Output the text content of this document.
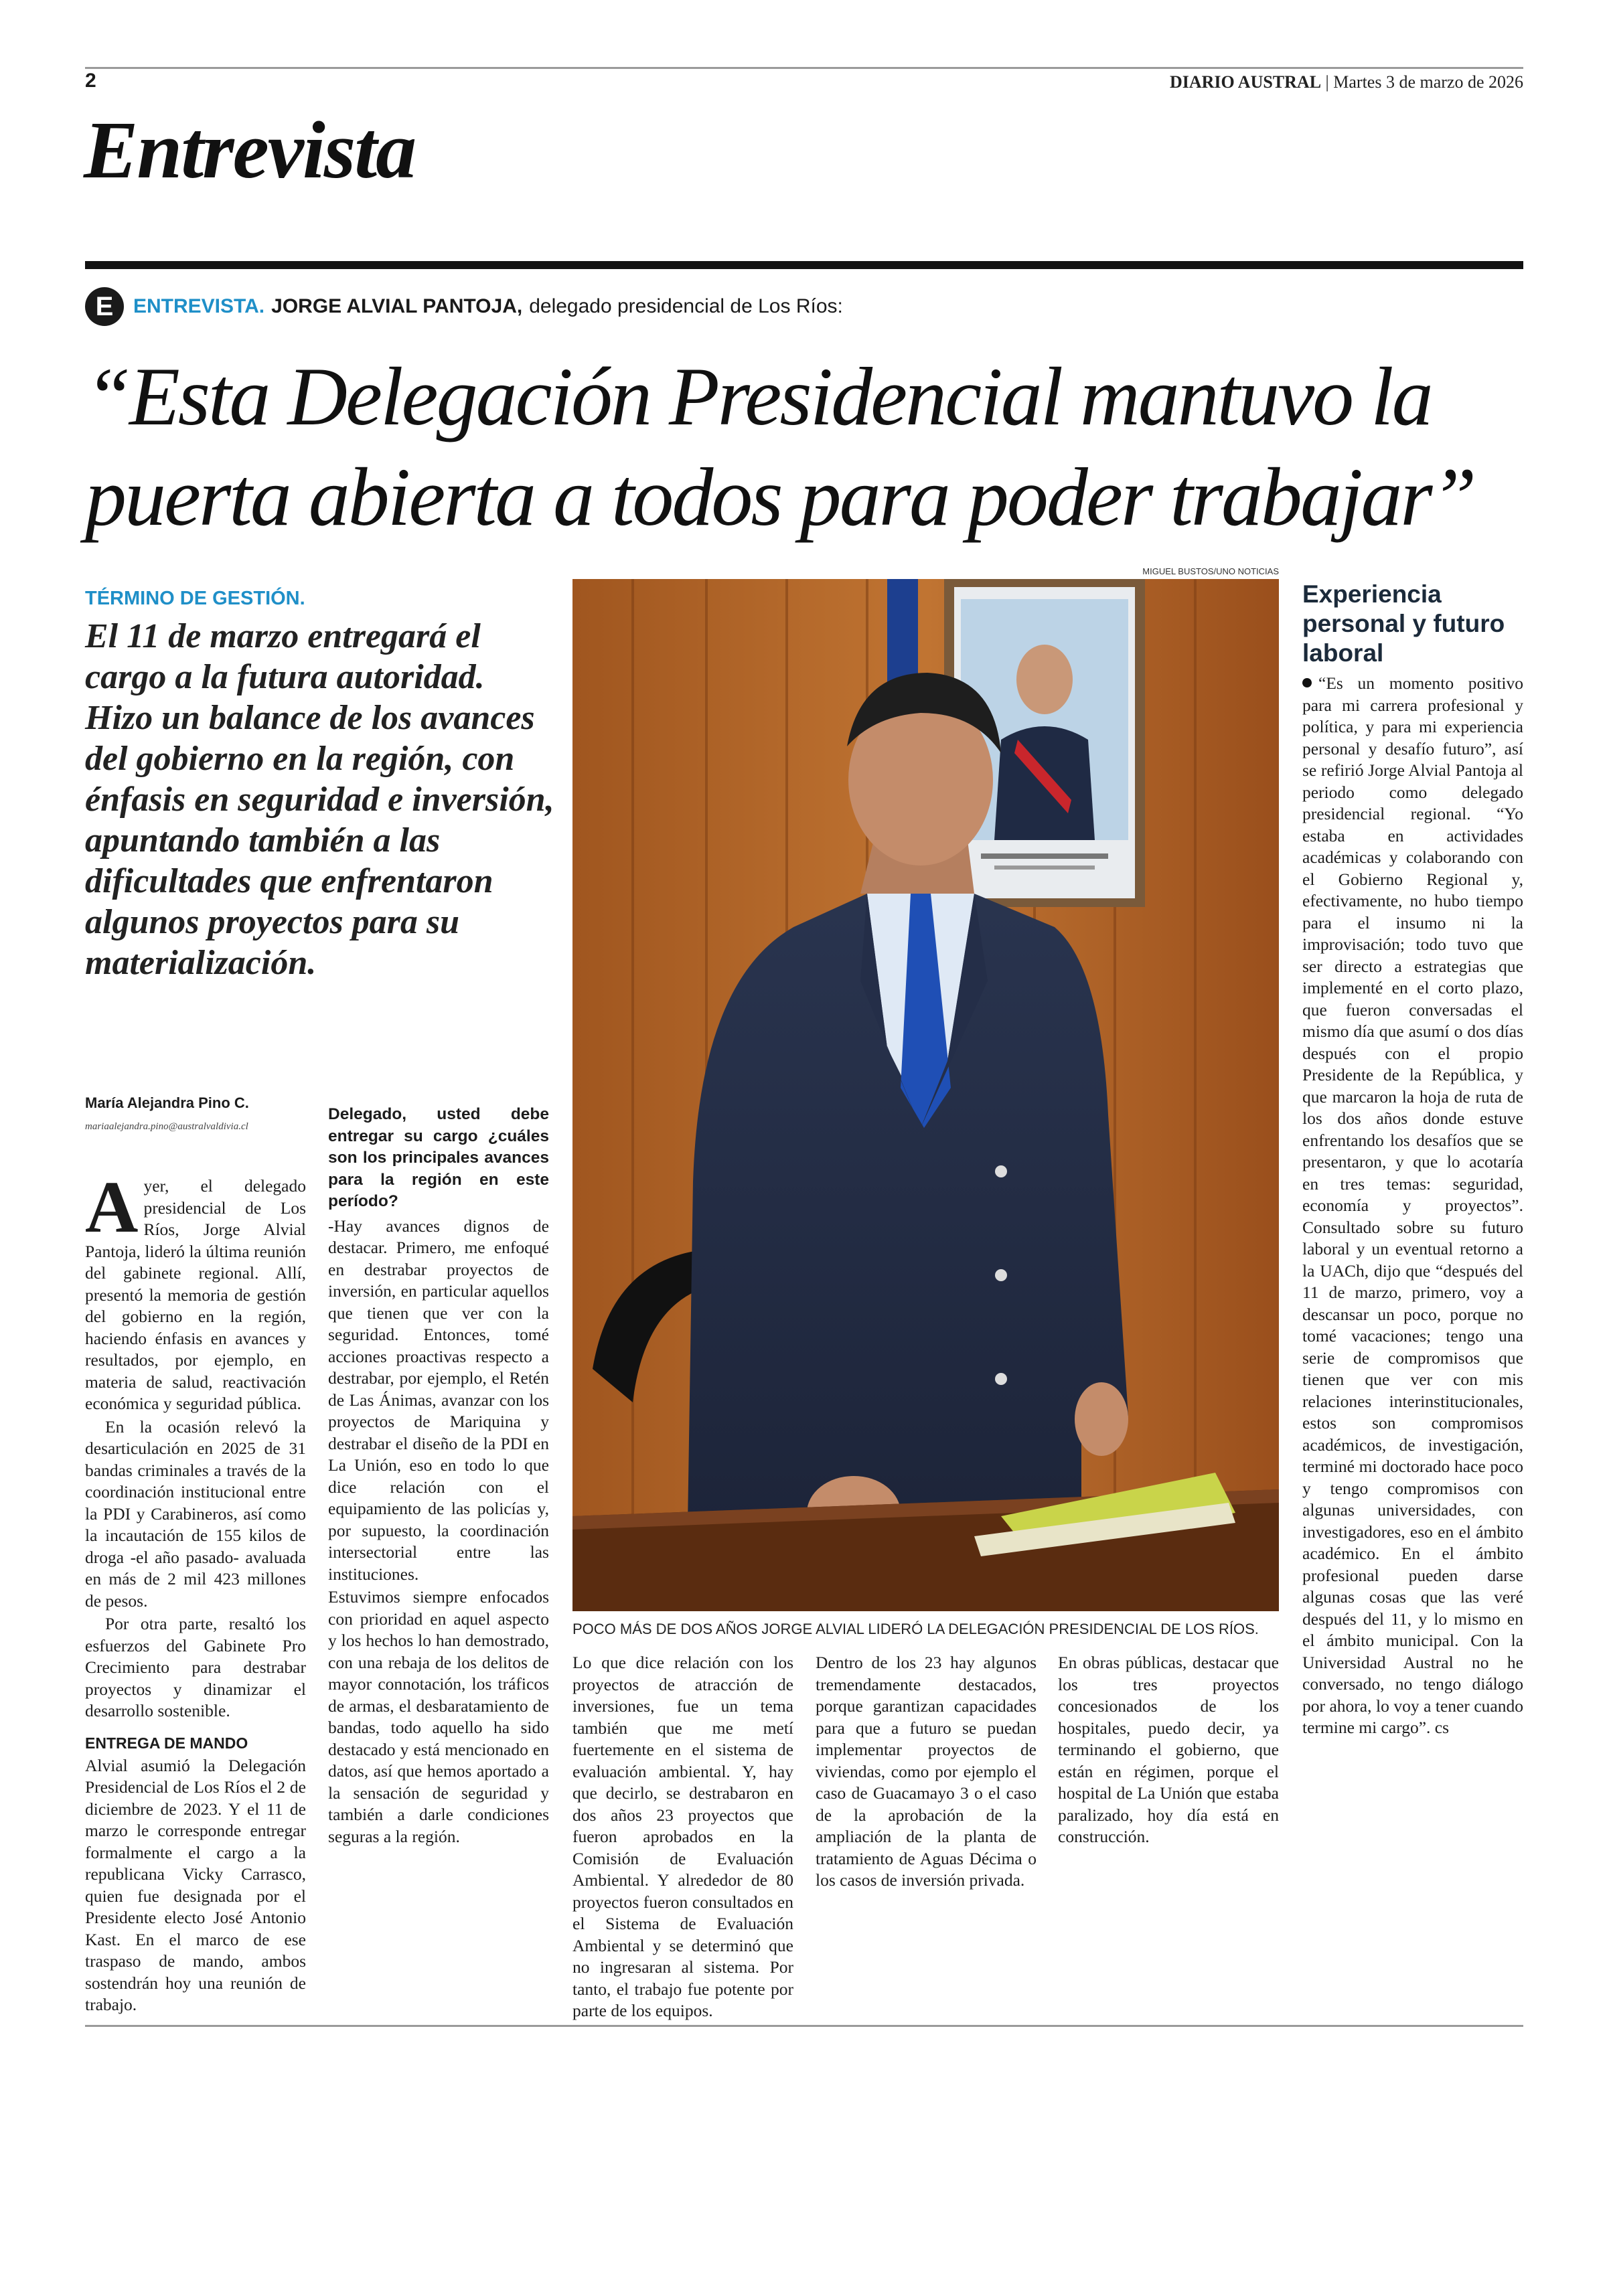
2	DIARIO AUSTRAL | Martes 3 de marzo de 2026
Entrevista
E ENTREVISTA. JORGE ALVIAL PANTOJA, delegado presidencial de Los Ríos:
“Esta Delegación Presidencial mantuvo la puerta abierta a todos para poder trabajar”
TÉRMINO DE GESTIÓN.
El 11 de marzo entregará el cargo a la futura autoridad. Hizo un balance de los avances del gobierno en la región, con énfasis en seguridad e inversión, apuntando también a las dificultades que enfrentaron algunos proyectos para su materialización.
MIGUEL BUSTOS/UNO NOTICIAS
POCO MÁS DE DOS AÑOS JORGE ALVIAL LIDERÓ LA DELEGACIÓN PRESIDENCIAL DE LOS RÍOS.
Experiencia personal y futuro laboral

“Es un momento positivo para mi carrera profesional y política, y para mi experiencia personal y desafío futuro”, así se refirió Jorge Alvial Pantoja al periodo como delegado presidencial regional. “Yo estaba en actividades académicas y colaborando con el Gobierno Regional y, efectivamente, no hubo tiempo para el insumo ni la improvisación; todo tuvo que ser directo a estrategias que implementé en el corto plazo, que fueron conversadas el mismo día que asumí o dos días después con el propio Presidente de la República, y que marcaron la hoja de ruta de los dos años donde estuve enfrentando los desafíos que se presentaron, y que lo acotaría en tres temas: seguridad, economía y proyectos”. Consultado sobre su futuro laboral y un eventual retorno a la UACh, dijo que “después del 11 de marzo, primero, voy a descansar un poco, porque no tomé vacaciones; tengo una serie de compromisos que tienen que ver con mis relaciones interinstitucionales, estos son compromisos académicos, de investigación, terminé mi doctorado hace poco y tengo compromisos con algunas universidades, con investigadores, eso en el ámbito académico. En el ámbito profesional pueden darse algunas cosas que las veré después del 11, y lo mismo en el ámbito municipal. Con la Universidad Austral no he conversado, no tengo diálogo por ahora, lo voy a tener cuando termine mi cargo”. cs

María Alejandra Pino C.
mariaalejandra.pino@australvaldivia.cl

Ayer, el delegado presidencial de Los Ríos, Jorge Alvial Pantoja, lideró la última reunión del gabinete regional. Allí, presentó la memoria de gestión del gobierno en la región, haciendo énfasis en avances y resultados, por ejemplo, en materia de salud, reactivación económica y seguridad pública.

En la ocasión relevó la desarticulación en 2025 de 31 bandas criminales a través de la coordinación institucional entre la PDI y Carabineros, así como la incautación de 155 kilos de droga -el año pasado- avaluada en más de 2 mil 423 millones de pesos.

Por otra parte, resaltó los esfuerzos del Gabinete Pro Crecimiento para destrabar proyectos y dinamizar el desarrollo sostenible.

ENTREGA DE MANDO

Alvial asumió la Delegación Presidencial de Los Ríos el 2 de diciembre de 2023. Y el 11 de marzo le corresponde entregar formalmente el cargo a la republicana Vicky Carrasco, quien fue designada por el Presidente electo José Antonio Kast. En el marco de ese traspaso de mando, ambos sostendrán hoy una reunión de trabajo.

Delegado, usted debe entregar su cargo ¿cuáles son los principales avances para la región en este período?

-Hay avances dignos de destacar. Primero, me enfoqué en destrabar proyectos de inversión, en particular aquellos que tienen que ver con la seguridad. Entonces, tomé acciones proactivas respecto a destrabar, por ejemplo, el Retén de Las Ánimas, avanzar con los proyectos de Mariquina y destrabar el diseño de la PDI en La Unión, eso en todo lo que dice relación con el equipamiento de las policías y, por supuesto, la coordinación intersectorial entre las instituciones.

Estuvimos siempre enfocados con prioridad en aquel aspecto y los hechos lo han demostrado, con una rebaja de los delitos de mayor connotación, los tráficos de armas, el desbaratamiento de bandas, todo aquello ha sido destacado y está mencionado en datos, así que hemos aportado a la sensación de seguridad y también a darle condiciones seguras a la región.

Lo que dice relación con los proyectos de atracción de inversiones, fue un tema también que me metí fuertemente en el sistema de evaluación ambiental. Y, hay que decirlo, se destrabaron en dos años 23 proyectos que fueron aprobados en la Comisión de Evaluación Ambiental. Y alrededor de 80 proyectos fueron consultados en el Sistema de Evaluación Ambiental y se determinó que no ingresaran al sistema. Por tanto, el trabajo fue potente por parte de los equipos.

Dentro de los 23 hay algunos tremendamente destacados, porque garantizan capacidades para que a futuro se puedan implementar proyectos de viviendas, como por ejemplo el caso de Guacamayo 3 o el caso de la aprobación de la ampliación de la planta de tratamiento de Aguas Décima o los casos de inversión privada.

En obras públicas, destacar que los tres proyectos concesionados de los hospitales, puedo decir, ya terminando el gobierno, que están en régimen, porque el hospital de La Unión que estaba paralizado, hoy día está en construcción.
